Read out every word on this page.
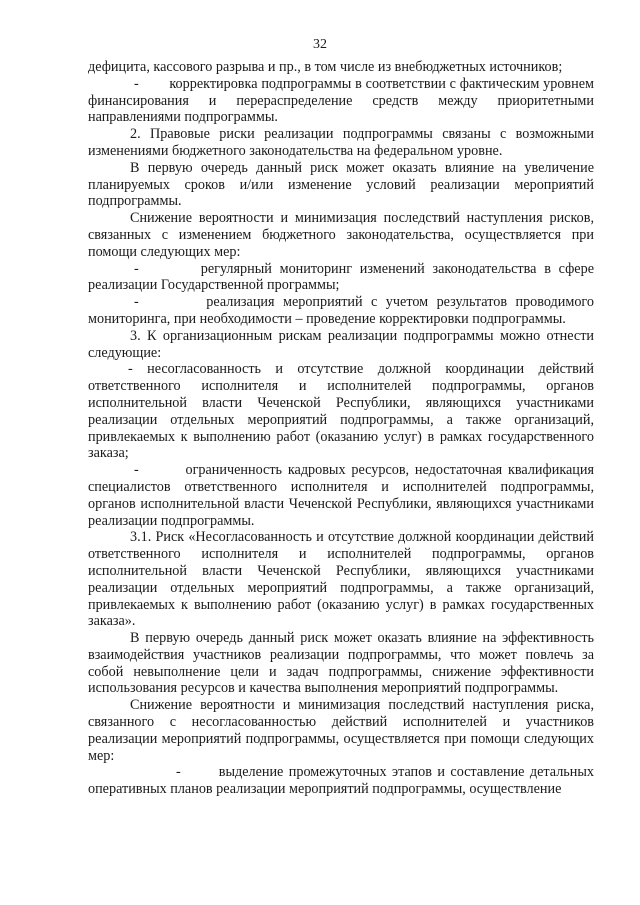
32

дефицита, кассового разрыва и пр., в том числе из внебюджетных источников;

-        корректировка подпрограммы в соответствии с фактическим уровнем финансирования и перераспределение средств между приоритетными направлениями подпрограммы.

2. Правовые риски реализации подпрограммы связаны с возможными изменениями бюджетного законодательства на федеральном уровне.

В первую очередь данный риск может оказать влияние на увеличение планируемых сроков и/или изменение условий реализации мероприятий подпрограммы.

Снижение вероятности и минимизация последствий наступления рисков, связанных с изменением бюджетного законодательства, осуществляется при помощи следующих мер:

-        регулярный мониторинг изменений законодательства в сфере реализации Государственной программы;

-        реализация мероприятий с учетом результатов проводимого мониторинга, при необходимости – проведение корректировки подпрограммы.

3. К организационным рискам реализации подпрограммы можно отнести следующие:

- несогласованность и отсутствие должной координации действий ответственного исполнителя и исполнителей подпрограммы, органов исполнительной власти Чеченской Республики, являющихся участниками реализации отдельных мероприятий подпрограммы, а также организаций, привлекаемых к выполнению работ (оказанию услуг) в рамках государственного заказа;

-        ограниченность кадровых ресурсов, недостаточная квалификация специалистов ответственного исполнителя и исполнителей подпрограммы, органов исполнительной власти Чеченской Республики, являющихся участниками реализации подпрограммы.

3.1. Риск «Несогласованность и отсутствие должной координации действий ответственного исполнителя и исполнителей подпрограммы, органов исполнительной власти Чеченской Республики, являющихся участниками реализации отдельных мероприятий подпрограммы, а также организаций, привлекаемых к выполнению работ (оказанию услуг) в рамках государственных заказа».

В первую очередь данный риск может оказать влияние на эффективность взаимодействия участников реализации подпрограммы, что может повлечь за собой невыполнение цели и задач подпрограммы, снижение эффективности использования ресурсов и качества выполнения мероприятий подпрограммы.

Снижение вероятности и минимизация последствий наступления риска, связанного с несогласованностью действий исполнителей и участников реализации мероприятий подпрограммы, осуществляется при помощи следующих мер:

-       выделение промежуточных этапов и составление детальных оперативных планов реализации мероприятий подпрограммы, осуществление
